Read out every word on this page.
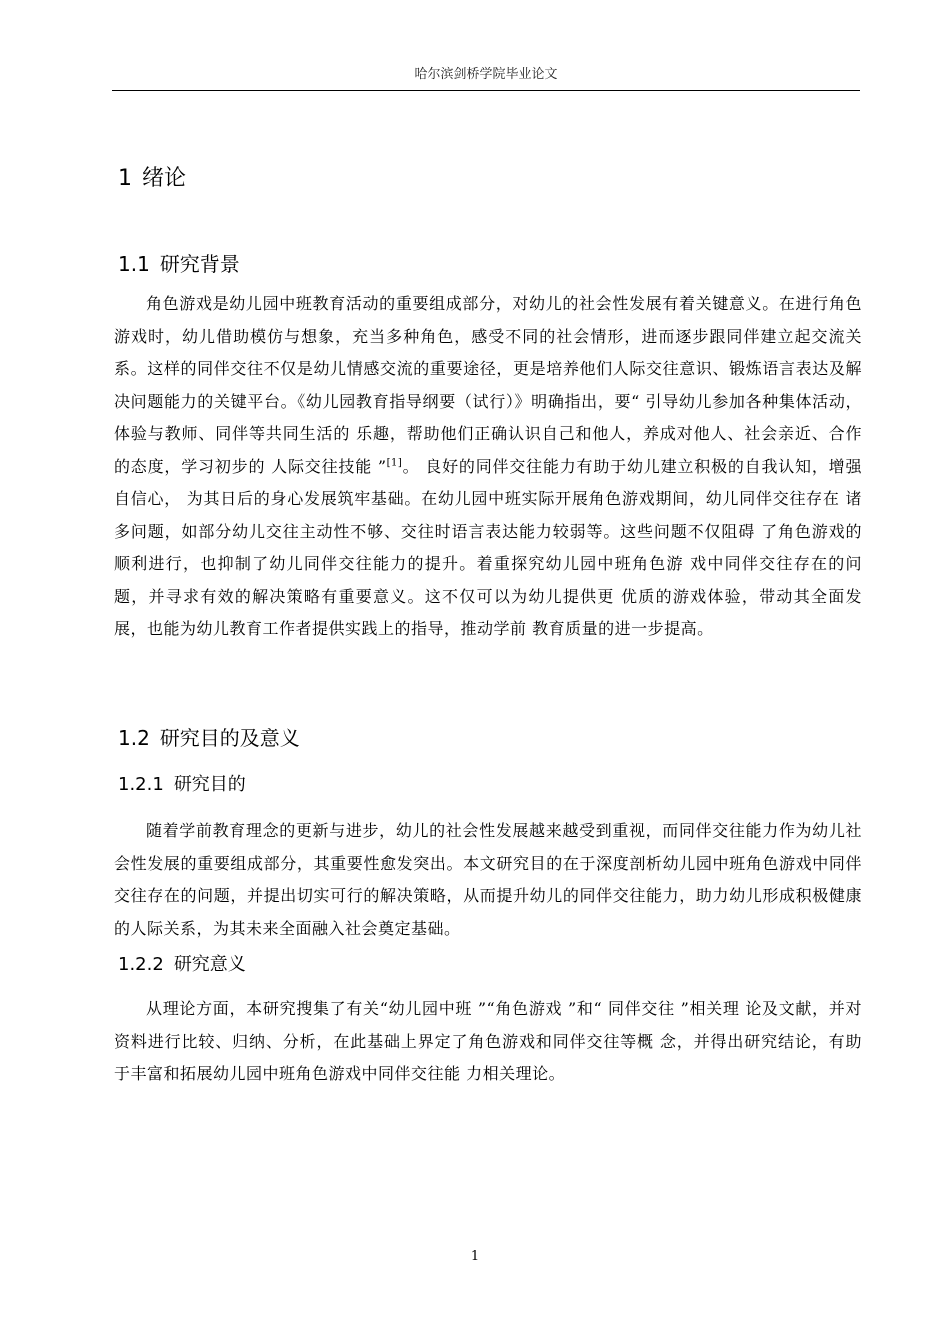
哈尔滨剑桥学院毕业论文
1 绪论
1.1 研究背景

角色游戏是幼儿园中班教育活动的重要组成部分，对幼儿的社会性发展有着关键意义。在进行角色游戏时，幼儿借助模仿与想象，充当多种角色，感受不同的社会情形，进而逐步跟同伴建立起交流关系。这样的同伴交往不仅是幼儿情感交流的重要途径，更是培养他们人际交往意识、锻炼语言表达及解决问题能力的关键平台。《幼儿园教育指导纲要（试行）》明确指出，要“ 引导幼儿参加各种集体活动，体验与教师、同伴等共同生活的 乐趣，帮助他们正确认识自己和他人，养成对他人、社会亲近、合作的态度，学习初步的 人际交往技能 ”[1]。 良好的同伴交往能力有助于幼儿建立积极的自我认知，增强自信心， 为其日后的身心发展筑牢基础。在幼儿园中班实际开展角色游戏期间，幼儿同伴交往存在 诸多问题，如部分幼儿交往主动性不够、交往时语言表达能力较弱等。这些问题不仅阻碍 了角色游戏的顺利进行，也抑制了幼儿同伴交往能力的提升。着重探究幼儿园中班角色游 戏中同伴交往存在的问题，并寻求有效的解决策略有重要意义。这不仅可以为幼儿提供更 优质的游戏体验，带动其全面发展，也能为幼儿教育工作者提供实践上的指导，推动学前 教育质量的进一步提高。

1.2 研究目的及意义
1.2.1 研究目的

随着学前教育理念的更新与进步，幼儿的社会性发展越来越受到重视，而同伴交往能力作为幼儿社会性发展的重要组成部分，其重要性愈发突出。本文研究目的在于深度剖析幼儿园中班角色游戏中同伴交往存在的问题，并提出切实可行的解决策略，从而提升幼儿的同伴交往能力，助力幼儿形成积极健康的人际关系，为其未来全面融入社会奠定基础。

1.2.2 研究意义

从理论方面，本研究搜集了有关“幼儿园中班 ”“角色游戏 ”和“ 同伴交往 ”相关理 论及文献，并对资料进行比较、归纳、分析，在此基础上界定了角色游戏和同伴交往等概 念，并得出研究结论，有助于丰富和拓展幼儿园中班角色游戏中同伴交往能 力相关理论。

1
